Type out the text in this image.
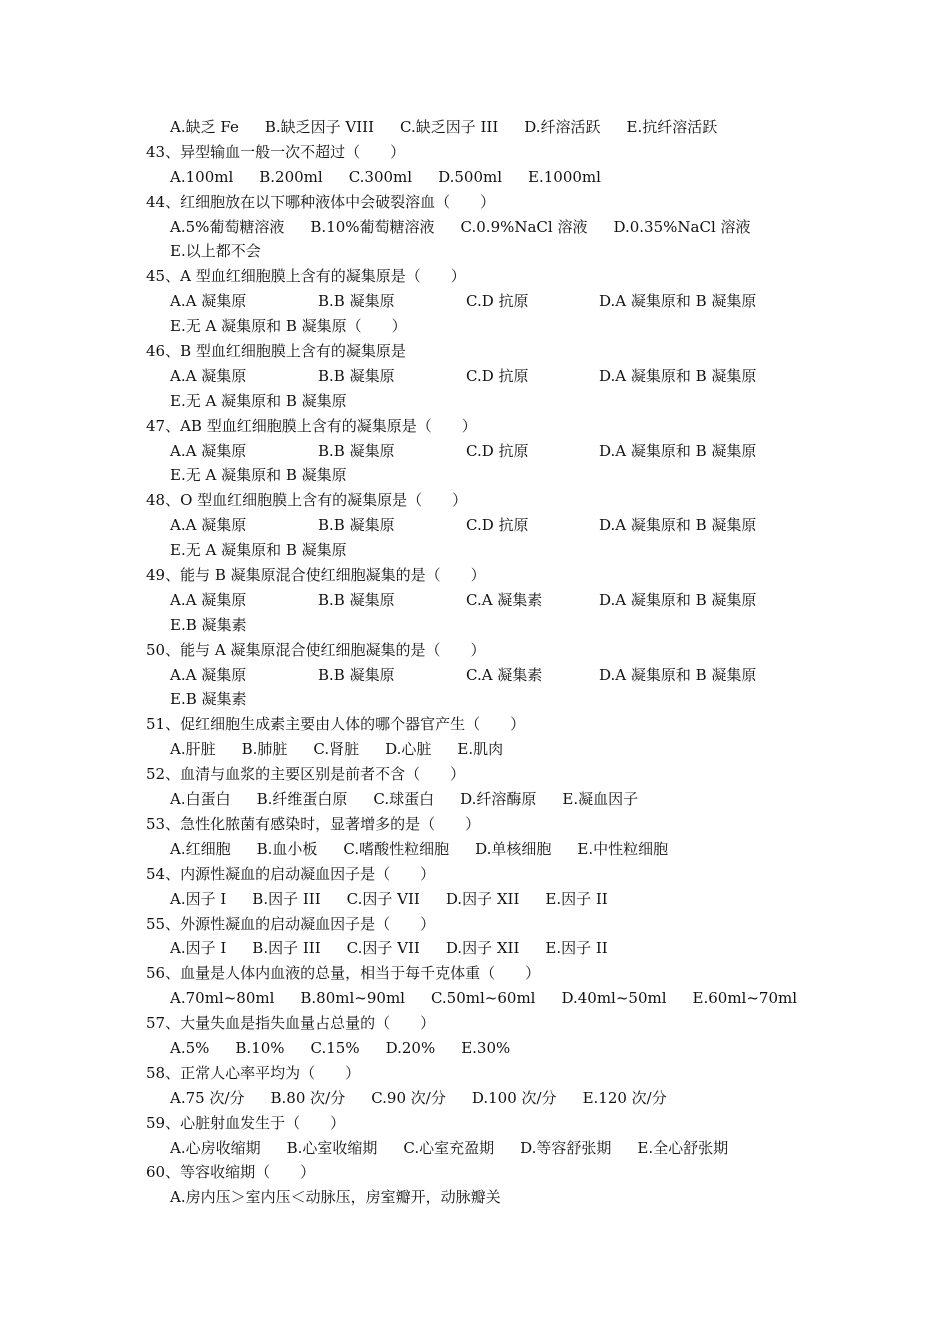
A.缺乏 Fe B.缺乏因子 VIII C.缺乏因子 III D.纤溶活跃 E.抗纤溶活跃
43、异型输血一般一次不超过（　　）
A.100ml B.200ml C.300ml D.500ml E.1000ml
44、红细胞放在以下哪种液体中会破裂溶血（　　）
A.5%葡萄糖溶液 B.10%葡萄糖溶液 C.0.9%NaCl 溶液 D.0.35%NaCl 溶液
E.以上都不会
45、A 型血红细胞膜上含有的凝集原是（　　）
A.A 凝集原	B.B 凝集原	C.D 抗原	D.A 凝集原和 B 凝集原
E.无 A 凝集原和 B 凝集原（　　）
46、B 型血红细胞膜上含有的凝集原是
A.A 凝集原	B.B 凝集原	C.D 抗原	D.A 凝集原和 B 凝集原
E.无 A 凝集原和 B 凝集原
47、AB 型血红细胞膜上含有的凝集原是（　　）
A.A 凝集原	B.B 凝集原	C.D 抗原	D.A 凝集原和 B 凝集原
E.无 A 凝集原和 B 凝集原
48、O 型血红细胞膜上含有的凝集原是（　　）
A.A 凝集原	B.B 凝集原	C.D 抗原	D.A 凝集原和 B 凝集原
E.无 A 凝集原和 B 凝集原
49、能与 B 凝集原混合使红细胞凝集的是（　　）
A.A 凝集原	B.B 凝集原	C.A 凝集素	D.A 凝集原和 B 凝集原
E.B 凝集素
50、能与 A 凝集原混合使红细胞凝集的是（　　）
A.A 凝集原	B.B 凝集原	C.A 凝集素	D.A 凝集原和 B 凝集原
E.B 凝集素
51、促红细胞生成素主要由人体的哪个器官产生（　　）
A.肝脏 B.肺脏 C.肾脏 D.心脏 E.肌肉
52、血清与血浆的主要区别是前者不含（　　）
A.白蛋白 B.纤维蛋白原 C.球蛋白 D.纤溶酶原 E.凝血因子
53、急性化脓菌有感染时，显著增多的是（　　）
A.红细胞 B.血小板 C.嗜酸性粒细胞 D.单核细胞 E.中性粒细胞
54、内源性凝血的启动凝血因子是（　　）
A.因子 I B.因子 III C.因子 VII D.因子 XII E.因子 II
55、外源性凝血的启动凝血因子是（　　）
A.因子 I B.因子 III C.因子 VII D.因子 XII E.因子 II
56、血量是人体内血液的总量，相当于每千克体重（　　）
A.70ml~80ml B.80ml~90ml C.50ml~60ml D.40ml~50ml E.60ml~70ml
57、大量失血是指失血量占总量的（　　）
A.5% B.10% C.15% D.20% E.30%
58、正常人心率平均为（　　）
A.75 次/分 B.80 次/分 C.90 次/分 D.100 次/分 E.120 次/分
59、心脏射血发生于（　　）
A.心房收缩期 B.心室收缩期 C.心室充盈期 D.等容舒张期 E.全心舒张期
60、等容收缩期（　　）
A.房内压＞室内压＜动脉压，房室瓣开，动脉瓣关
